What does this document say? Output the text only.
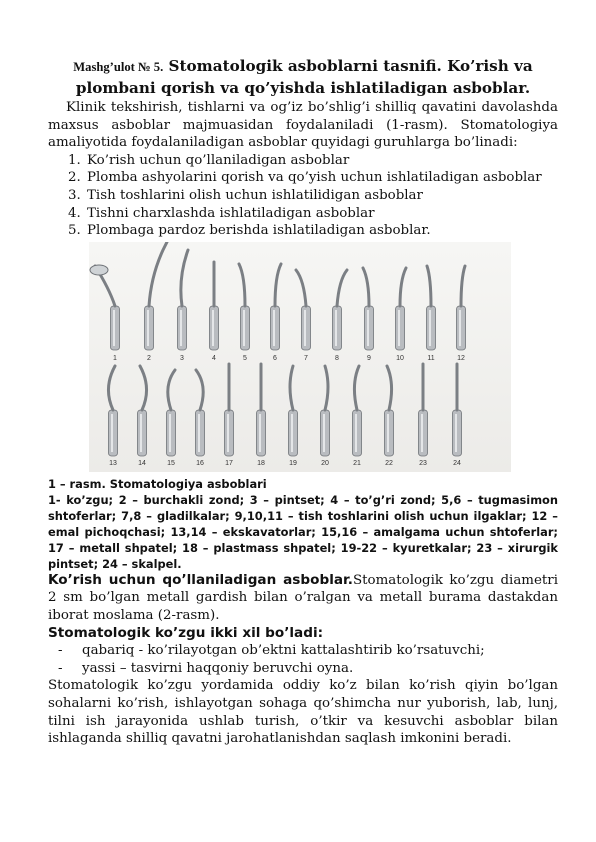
Mashg’ulot № 5. Stomatologik asboblarni tasnifi. Ko’rish va
plombani qorish va qo’yishda ishlatiladigan asboblar.

Klinik tekshirish, tishlarni va og’iz bo’shlig’i shilliq qavatini davolashda maxsus asboblar majmuasidan foydalaniladi (1-rasm). Stomatologiya amaliyotida foydalaniladigan asboblar quyidagi guruhlarga bo’linadi:

1. Ko’rish uchun qo’llaniladigan asboblar
2. Plomba ashyolarini qorish va qo’yish uchun ishlatiladigan asboblar
3. Tish toshlarini olish uchun ishlatilidigan asboblar
4. Tishni charxlashda ishlatiladigan asboblar
5. Plombaga pardoz berishda ishlatiladigan asboblar.
1	2	3	4	5	6	7	8	9	10	11	12
13	14	15	16	17	18	19	20	21	22	23	24
1 – rasm. Stomatologiya asboblari
1- ko’zgu; 2 – burchakli zond; 3 – pintset; 4 – to’g’ri zond; 5,6 – tugmasimon shtoferlar; 7,8 – gladilkalar; 9,10,11 – tish toshlarini olish uchun ilgaklar; 12 – emal pichoqchasi; 13,14 – ekskavatorlar; 15,16 – amalgama uchun shtoferlar; 17 – metall shpatel; 18 – plastmass shpatel; 19-22 – kyuretkalar; 23 – xirurgik pintset; 24 – skalpel.

Ko’rish uchun qo’llaniladigan asboblar.Stomatologik ko’zgu diametri 2 sm bo’lgan metall gardish bilan o’ralgan va metall burama dastakdan iborat moslama (2-rasm).

Stomatologik ko’zgu ikki xil bo’ladi:

- qabariq - ko’rilayotgan ob’ektni kattalashtirib ko’rsatuvchi;
- yassi – tasvirni haqqoniy beruvchi oyna.

Stomatologik ko’zgu yordamida oddiy ko’z bilan ko’rish qiyin bo’lgan sohalarni ko’rish, ishlayotgan sohaga qo’shimcha nur yuborish, lab, lunj, tilni ish jarayonida ushlab turish, o’tkir va kesuvchi asboblar bilan ishlaganda shilliq qavatni jarohatlanishdan saqlash imkonini beradi.
